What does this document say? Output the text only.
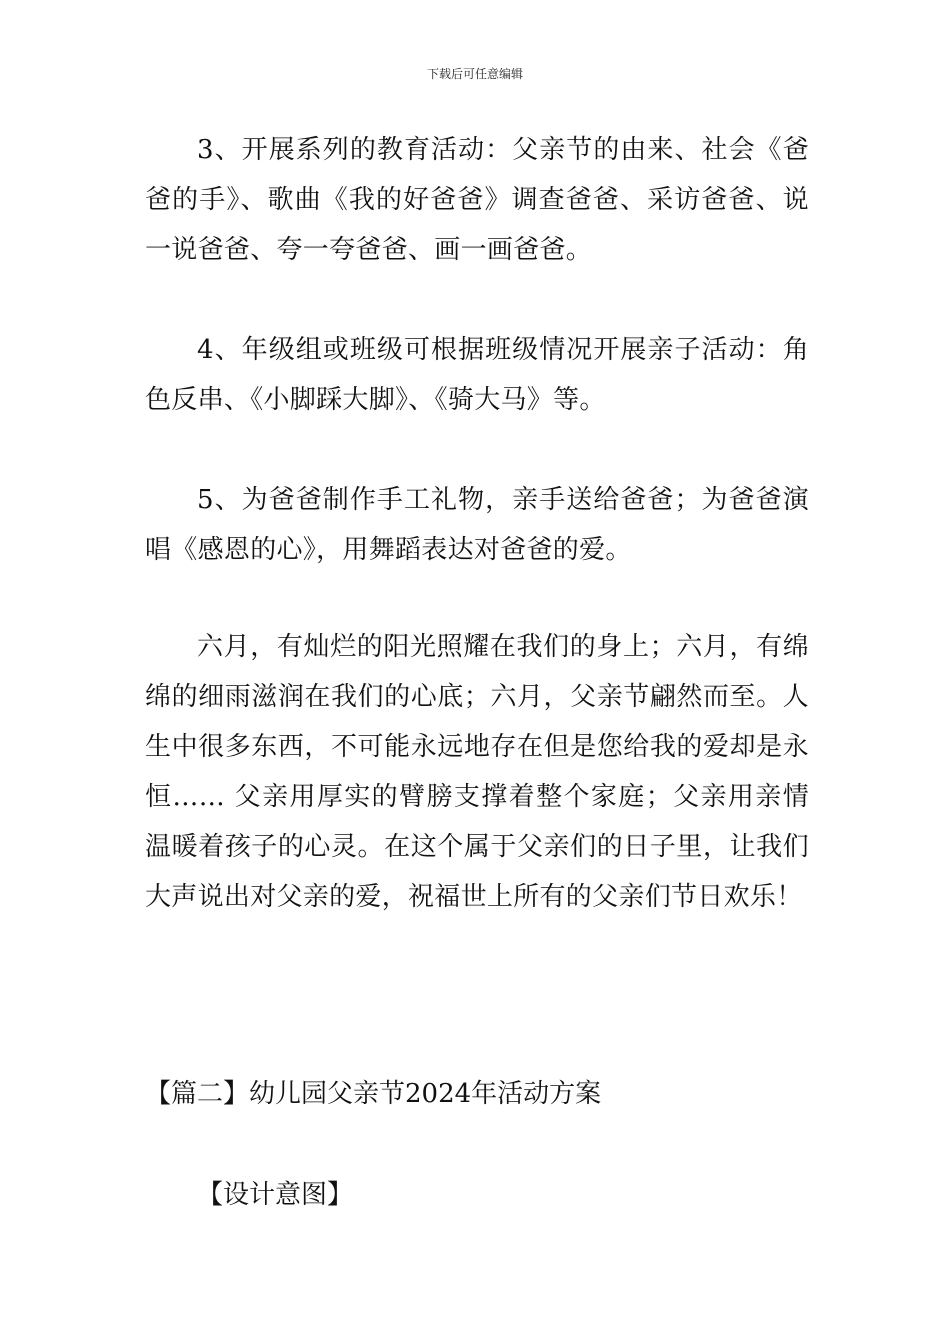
下载后可任意编辑

3、开展系列的教育活动：父亲节的由来、社会《爸爸的手》、歌曲《我的好爸爸》调查爸爸、采访爸爸、说一说爸爸、夸一夸爸爸、画一画爸爸。

4、年级组或班级可根据班级情况开展亲子活动：角色反串、《小脚踩大脚》、《骑大马》等。

5、为爸爸制作手工礼物，亲手送给爸爸；为爸爸演唱《感恩的心》，用舞蹈表达对爸爸的爱。

六月，有灿烂的阳光照耀在我们的身上；六月，有绵绵的细雨滋润在我们的心底；六月，父亲节翩然而至。人生中很多东西，不可能永远地存在但是您给我的爱却是永恒…… 父亲用厚实的臂膀支撑着整个家庭；父亲用亲情温暖着孩子的心灵。在这个属于父亲们的日子里，让我们大声说出对父亲的爱，祝福世上所有的父亲们节日欢乐！

【篇二】幼儿园父亲节2024年活动方案
【设计意图】
